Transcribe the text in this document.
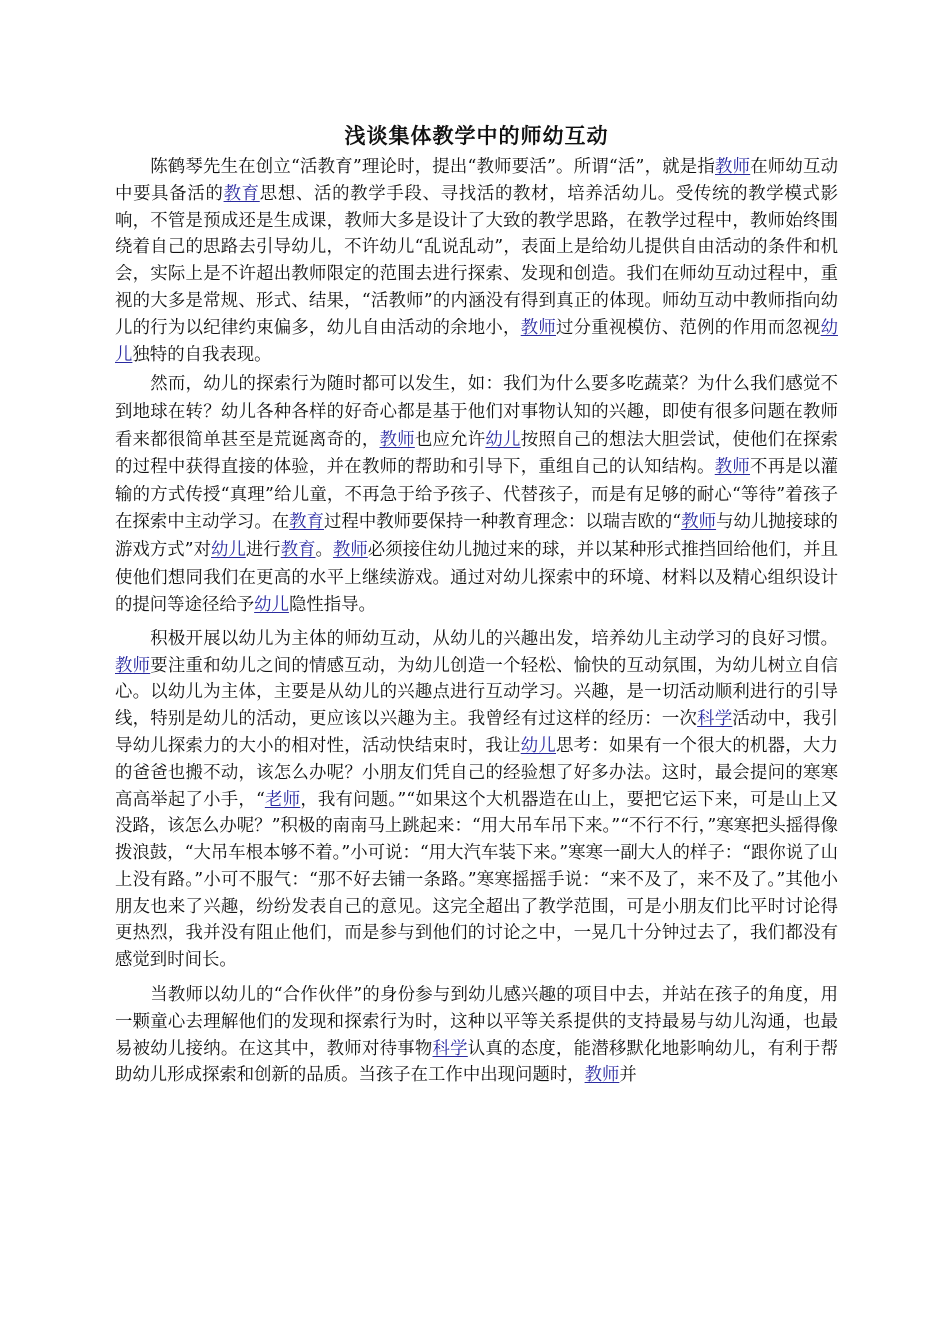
浅谈集体教学中的师幼互动

　　陈鹤琴先生在创立“活教育”理论时，提出“教师要活”。所谓“活”，就是指教师在师幼互动中要具备活的教育思想、活的教学手段、寻找活的教材，培养活幼儿。受传统的教学模式影响，不管是预成还是生成课，教师大多是设计了大致的教学思路，在教学过程中，教师始终围绕着自己的思路去引导幼儿，不许幼儿“乱说乱动”，表面上是给幼儿提供自由活动的条件和机会，实际上是不许超出教师限定的范围去进行探索、发现和创造。我们在师幼互动过程中，重视的大多是常规、形式、结果，“活教师”的内涵没有得到真正的体现。师幼互动中教师指向幼儿的行为以纪律约束偏多，幼儿自由活动的余地小，教师过分重视模仿、范例的作用而忽视幼儿独特的自我表现。

　　然而，幼儿的探索行为随时都可以发生，如：我们为什么要多吃蔬菜？为什么我们感觉不到地球在转？幼儿各种各样的好奇心都是基于他们对事物认知的兴趣，即使有很多问题在教师看来都很简单甚至是荒诞离奇的，教师也应允许幼儿按照自己的想法大胆尝试，使他们在探索的过程中获得直接的体验，并在教师的帮助和引导下，重组自己的认知结构。教师不再是以灌输的方式传授“真理”给儿童，不再急于给予孩子、代替孩子，而是有足够的耐心“等待”着孩子在探索中主动学习。在教育过程中教师要保持一种教育理念：以瑞吉欧的“教师与幼儿抛接球的游戏方式”对幼儿进行教育。教师必须接住幼儿抛过来的球，并以某种形式推挡回给他们，并且使他们想同我们在更高的水平上继续游戏。通过对幼儿探索中的环境、材料以及精心组织设计的提问等途径给予幼儿隐性指导。

　　积极开展以幼儿为主体的师幼互动，从幼儿的兴趣出发，培养幼儿主动学习的良好习惯。教师要注重和幼儿之间的情感互动，为幼儿创造一个轻松、愉快的互动氛围，为幼儿树立自信心。以幼儿为主体，主要是从幼儿的兴趣点进行互动学习。兴趣，是一切活动顺利进行的引导线，特别是幼儿的活动，更应该以兴趣为主。我曾经有过这样的经历：一次科学活动中，我引导幼儿探索力的大小的相对性，活动快结束时，我让幼儿思考：如果有一个很大的机器，大力的爸爸也搬不动，该怎么办呢？小朋友们凭自己的经验想了好多办法。这时，最会提问的寒寒高高举起了小手，“老师，我有问题。”“如果这个大机器造在山上，要把它运下来，可是山上又没路，该怎么办呢？”积极的南南马上跳起来：“用大吊车吊下来。”“不行不行，”寒寒把头摇得像拨浪鼓，“大吊车根本够不着。”小可说：“用大汽车装下来。”寒寒一副大人的样子：“跟你说了山上没有路。”小可不服气：“那不好去铺一条路。”寒寒摇摇手说：“来不及了，来不及了。”其他小朋友也来了兴趣，纷纷发表自己的意见。这完全超出了教学范围，可是小朋友们比平时讨论得更热烈，我并没有阻止他们，而是参与到他们的讨论之中，一晃几十分钟过去了，我们都没有感觉到时间长。

　　当教师以幼儿的“合作伙伴”的身份参与到幼儿感兴趣的项目中去，并站在孩子的角度，用一颗童心去理解他们的发现和探索行为时，这种以平等关系提供的支持最易与幼儿沟通，也最易被幼儿接纳。在这其中，教师对待事物科学认真的态度，能潜移默化地影响幼儿，有利于帮助幼儿形成探索和创新的品质。当孩子在工作中出现问题时，教师并
